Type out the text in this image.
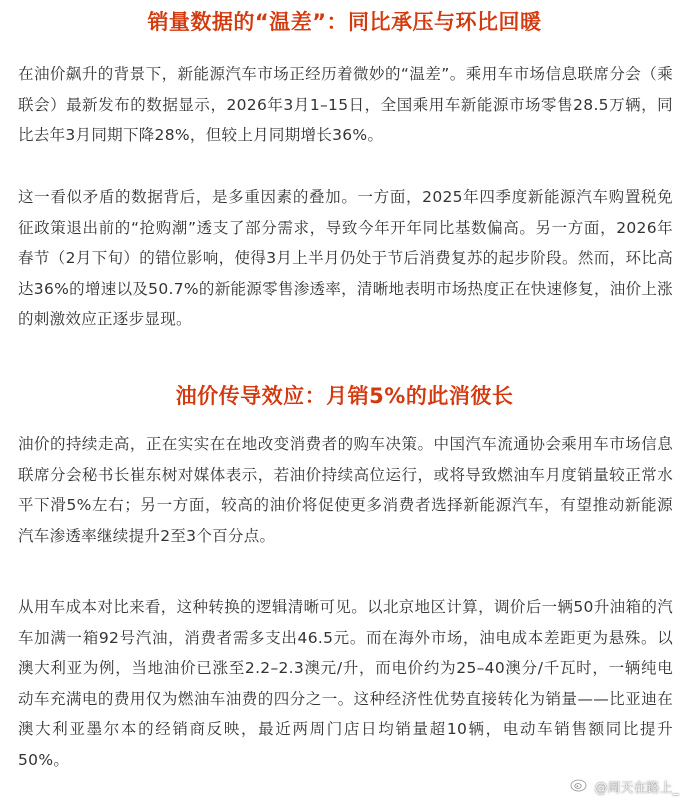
销量数据的“温差”：同比承压与环比回暖
在油价飙升的背景下，新能源汽车市场正经历着微妙的“温差”。乘用车市场信息联席分会（乘联会）最新发布的数据显示，2026年3月1–15日，全国乘用车新能源市场零售28.5万辆，同比去年3月同期下降28%，但较上月同期增长36%。
这一看似矛盾的数据背后，是多重因素的叠加。一方面，2025年四季度新能源汽车购置税免征政策退出前的“抢购潮”透支了部分需求，导致今年开年同比基数偏高。另一方面，2026年春节（2月下旬）的错位影响，使得3月上半月仍处于节后消费复苏的起步阶段。然而，环比高达36%的增速以及50.7%的新能源零售渗透率，清晰地表明市场热度正在快速修复，油价上涨的刺激效应正逐步显现。
油价传导效应：月销5%的此消彼长
油价的持续走高，正在实实在在地改变消费者的购车决策。中国汽车流通协会乘用车市场信息联席分会秘书长崔东树对媒体表示，若油价持续高位运行，或将导致燃油车月度销量较正常水平下滑5%左右；另一方面，较高的油价将促使更多消费者选择新能源汽车，有望推动新能源汽车渗透率继续提升2至3个百分点。
从用车成本对比来看，这种转换的逻辑清晰可见。以北京地区计算，调价后一辆50升油箱的汽车加满一箱92号汽油，消费者需多支出46.5元。而在海外市场，油电成本差距更为悬殊。以澳大利亚为例，当地油价已涨至2.2–2.3澳元/升，而电价约为25–40澳分/千瓦时，一辆纯电动车充满电的费用仅为燃油车油费的四分之一。这种经济性优势直接转化为销量——比亚迪在澳大利亚墨尔本的经销商反映，最近两周门店日均销量超10辆，电动车销售额同比提升50%。
@周天在路上_
